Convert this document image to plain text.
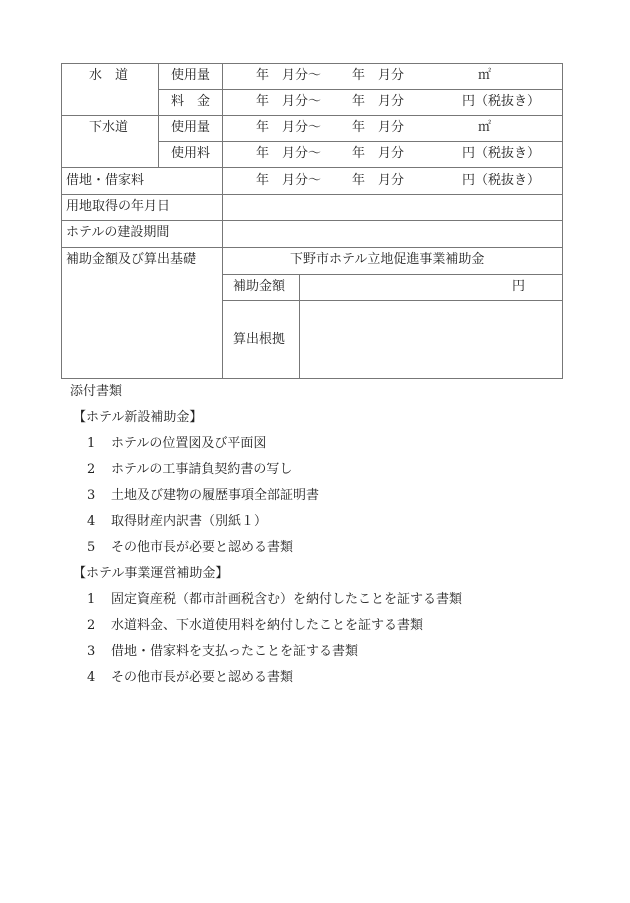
水　道	使用量	年　月分～ 年　月分	㎡
料　金	年　月分～ 年　月分	円（税抜き）
下水道	使用量	年　月分～ 年　月分	㎡
使用料	年　月分～ 年　月分	円（税抜き）
借地・借家料	年　月分～ 年　月分	円（税抜き）
用地取得の年月日
ホテルの建設期間
補助金額及び算出基礎	下野市ホテル立地促進事業補助金
補助金額	円
算出根拠
添付書類
【ホテル新設補助金】
1 ホテルの位置図及び平面図
2 ホテルの工事請負契約書の写し
3 土地及び建物の履歴事項全部証明書
4 取得財産内訳書（別紙１）
5 その他市長が必要と認める書類
【ホテル事業運営補助金】
1 固定資産税（都市計画税含む）を納付したことを証する書類
2 水道料金、下水道使用料を納付したことを証する書類
3 借地・借家料を支払ったことを証する書類
4 その他市長が必要と認める書類
